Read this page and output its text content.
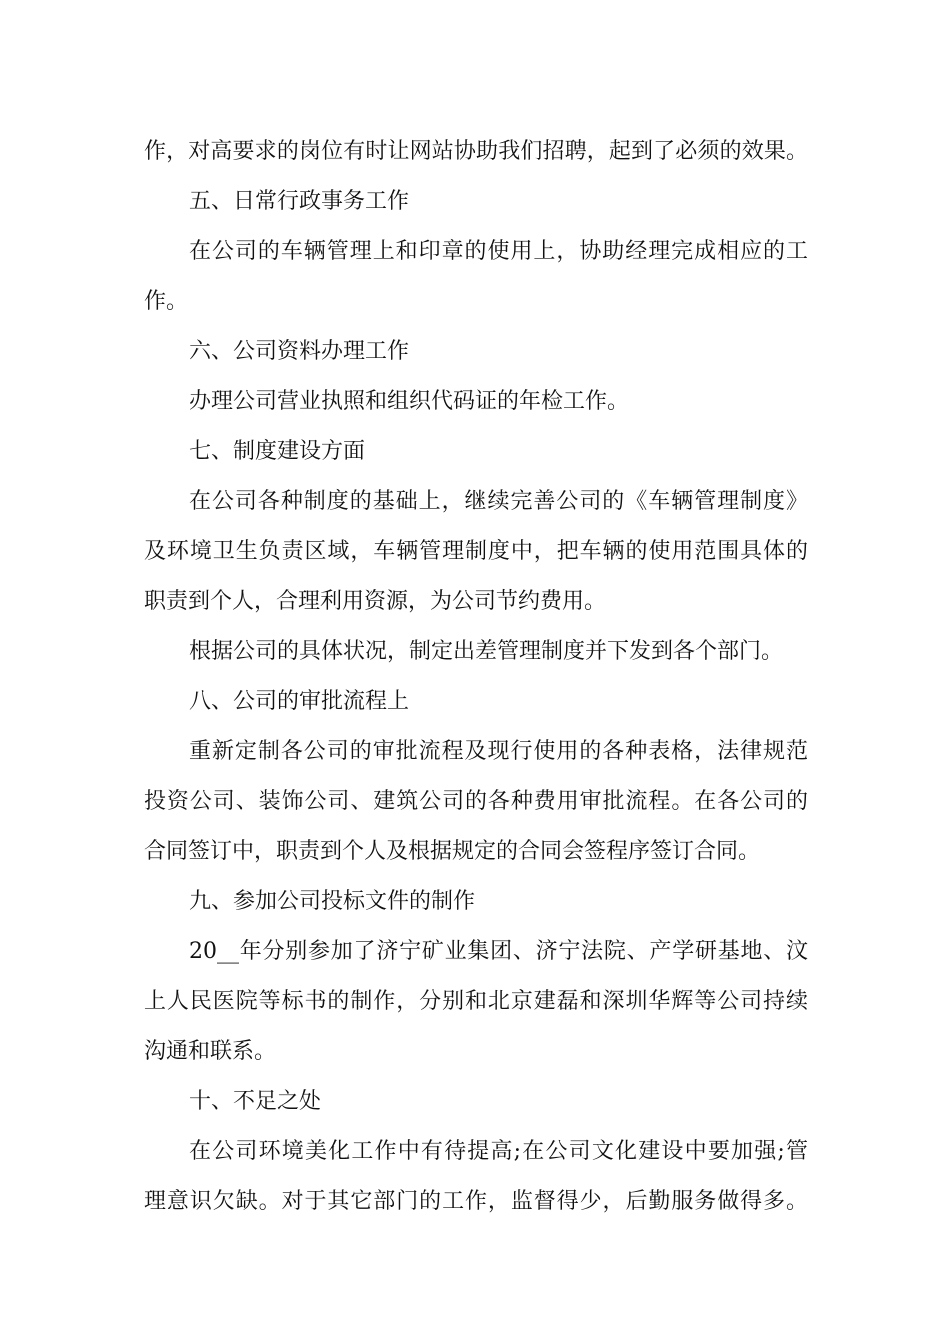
作，对高要求的岗位有时让网站协助我们招聘，起到了必须的效果。
五、日常行政事务工作
在公司的车辆管理上和印章的使用上，协助经理完成相应的工
作。
六、公司资料办理工作
办理公司营业执照和组织代码证的年检工作。
七、制度建设方面
在公司各种制度的基础上，继续完善公司的《车辆管理制度》
及环境卫生负责区域，车辆管理制度中，把车辆的使用范围具体的
职责到个人，合理利用资源，为公司节约费用。
根据公司的具体状况，制定出差管理制度并下发到各个部门。
八、公司的审批流程上
重新定制各公司的审批流程及现行使用的各种表格，法律规范
投资公司、装饰公司、建筑公司的各种费用审批流程。在各公司的
合同签订中，职责到个人及根据规定的合同会签程序签订合同。
九、参加公司投标文件的制作
20__年分别参加了济宁矿业集团、济宁法院、产学研基地、汶
上人民医院等标书的制作，分别和北京建磊和深圳华辉等公司持续
沟通和联系。
十、不足之处
在公司环境美化工作中有待提高;在公司文化建设中要加强;管
理意识欠缺。对于其它部门的工作，监督得少，后勤服务做得多。
